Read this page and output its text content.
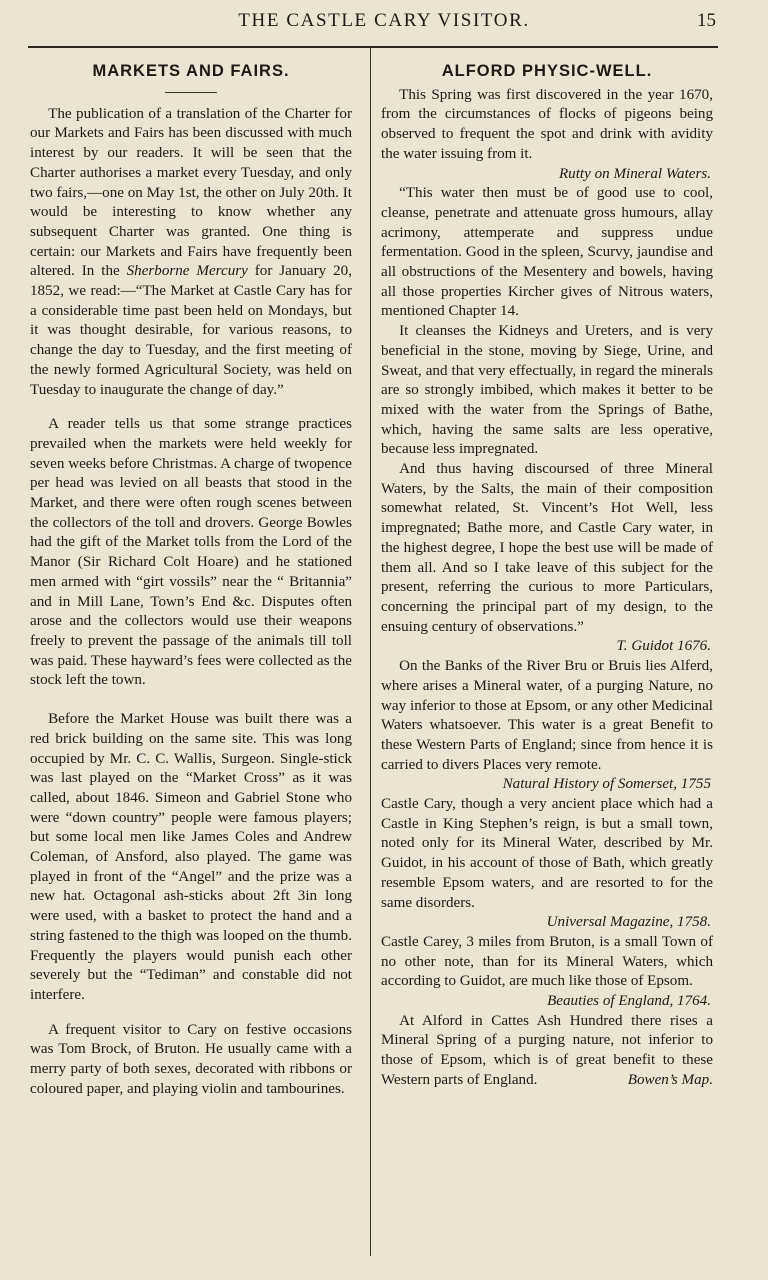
THE CASTLE CARY VISITOR.	15
MARKETS AND FAIRS.

The publication of a translation of the Charter for our Markets and Fairs has been discussed with much interest by our readers. It will be seen that the Charter authorises a market every Tuesday, and only two fairs,—one on May 1st, the other on July 20th. It would be interesting to know whether any subsequent Charter was granted. One thing is certain: our Markets and Fairs have frequently been altered. In the Sherborne Mercury for January 20, 1852, we read:—“The Market at Castle Cary has for a considerable time past been held on Mondays, but it was thought desirable, for various reasons, to change the day to Tuesday, and the first meeting of the newly formed Agricultural Society, was held on Tuesday to inaugurate the change of day.”

A reader tells us that some strange practices prevailed when the markets were held weekly for seven weeks before Christmas. A charge of twopence per head was levied on all beasts that stood in the Market, and there were often rough scenes between the collectors of the toll and drovers. George Bowles had the gift of the Market tolls from the Lord of the Manor (Sir Richard Colt Hoare) and he stationed men armed with “girt vossils” near the “ Britannia” and in Mill Lane, Town’s End &c. Disputes often arose and the collectors would use their weapons freely to prevent the passage of the animals till toll was paid. These hayward’s fees were collected as the stock left the town.

Before the Market House was built there was a red brick building on the same site. This was long occupied by Mr. C. C. Wallis, Surgeon. Single-stick was last played on the “Market Cross” as it was called, about 1846. Simeon and Gabriel Stone who were “down country” people were famous players; but some local men like James Coles and Andrew Coleman, of Ansford, also played. The game was played in front of the “Angel” and the prize was a new hat. Octagonal ash-sticks about 2ft 3in long were used, with a basket to protect the hand and a string fastened to the thigh was looped on the thumb. Frequently the players would punish each other severely but the “Tediman” and constable did not interfere.

A frequent visitor to Cary on festive occasions was Tom Brock, of Bruton. He usually came with a merry party of both sexes, decorated with ribbons or coloured paper, and playing violin and tambourines.

ALFORD PHYSIC-WELL.

This Spring was first discovered in the year 1670, from the circumstances of flocks of pigeons being observed to frequent the spot and drink with avidity the water issuing from it.

Rutty on Mineral Waters.

“This water then must be of good use to cool, cleanse, penetrate and attenuate gross humours, allay acrimony, attemperate and suppress undue fermentation. Good in the spleen, Scurvy, jaundise and all obstructions of the Mesentery and bowels, having all those properties Kircher gives of Nitrous waters, mentioned Chapter 14.

It cleanses the Kidneys and Ureters, and is very beneficial in the stone, moving by Siege, Urine, and Sweat, and that very effectually, in regard the minerals are so strongly imbibed, which makes it better to be mixed with the water from the Springs of Bathe, which, having the same salts are less operative, because less impregnated.

And thus having discoursed of three Mineral Waters, by the Salts, the main of their composition somewhat related, St. Vincent’s Hot Well, less impregnated; Bathe more, and Castle Cary water, in the highest degree, I hope the best use will be made of them all. And so I take leave of this subject for the present, referring the curious to more Particulars, concerning the principal part of my design, to the ensuing century of observations.”

T. Guidot 1676.

On the Banks of the River Bru or Bruis lies Alferd, where arises a Mineral water, of a purging Nature, no way inferior to those at Epsom, or any other Medicinal Waters whatsoever. This water is a great Benefit to these Western Parts of England; since from hence it is carried to divers Places very remote.

Natural History of Somerset, 1755

Castle Cary, though a very ancient place which had a Castle in King Stephen’s reign, is but a small town, noted only for its Mineral Water, described by Mr. Guidot, in his account of those of Bath, which greatly resemble Epsom waters, and are resorted to for the same disorders.

Universal Magazine, 1758.

Castle Carey, 3 miles from Bruton, is a small Town of no other note, than for its Mineral Waters, which according to Guidot, are much like those of Epsom.

Beauties of England, 1764.

At Alford in Cattes Ash Hundred there rises a Mineral Spring of a purging nature, not inferior to those of Epsom, which is of great benefit to these Western parts of England.	Bowen’s Map.
